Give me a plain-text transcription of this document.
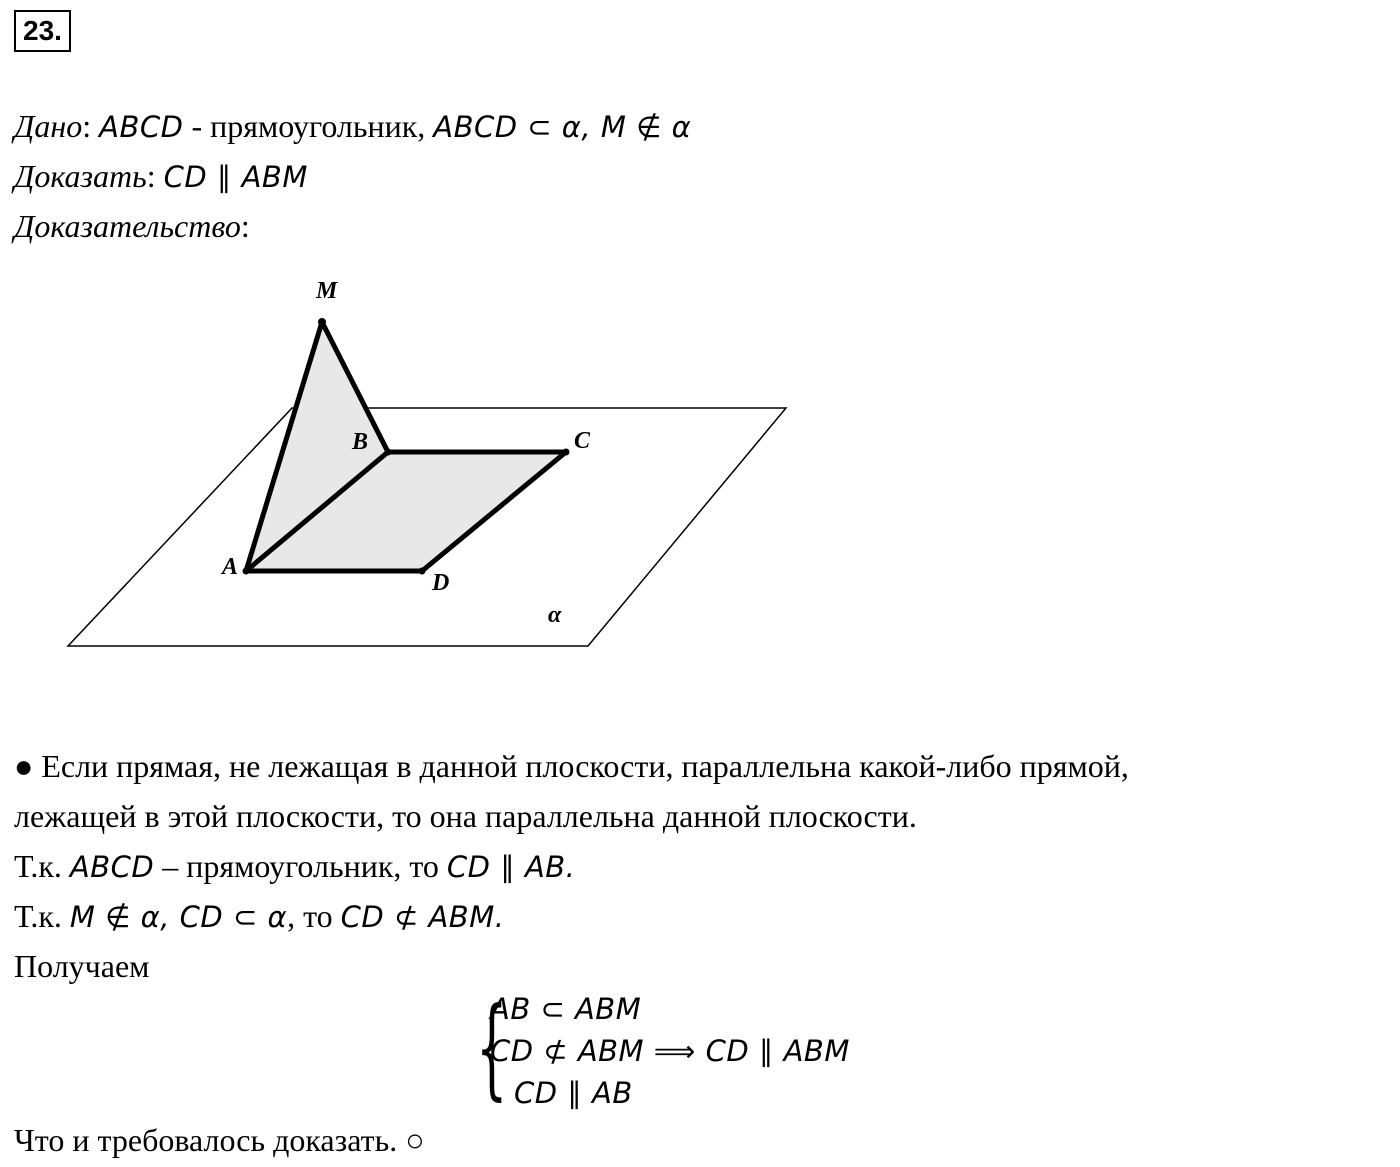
23.
Дано: ABCD - прямоугольник, ABCD ⊂ α, M ∉ α
Доказать: CD ∥ ABM
Доказательство:
M
B	C
A
D
α
● Если прямая, не лежащая в данной плоскости, параллельна какой-либо прямой,
лежащей в этой плоскости, то она параллельна данной плоскости.
Т.к. ABCD – прямоугольник, то CD ∥ AB.
Т.к. M ∉ α, CD ⊂ α, то CD ⊄ ABM.
Получаем
{
AB ⊂ ABM
CD ⊄ ABM ⟹ CD ∥ ABM
CD ∥ AB
Что и требовалось доказать. ○
